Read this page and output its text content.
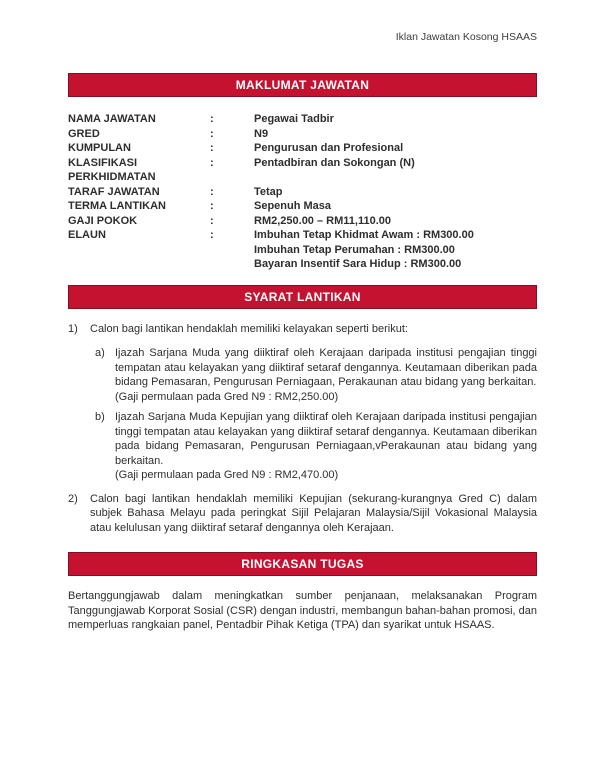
Iklan Jawatan Kosong HSAAS
MAKLUMAT JAWATAN
NAMA JAWATAN	:	Pegawai Tadbir
GRED	:	N9
KUMPULAN	:	Pengurusan dan Profesional
KLASIFIKASI
PERKHIDMATAN
:	Pentadbiran dan Sokongan (N)
TARAF JAWATAN	:	Tetap
TERMA LANTIKAN	:	Sepenuh Masa
GAJI POKOK	:	RM2,250.00 – RM11,110.00
ELAUN	:	Imbuhan Tetap Khidmat Awam : RM300.00
Imbuhan Tetap Perumahan : RM300.00
Bayaran Insentif Sara Hidup : RM300.00
SYARAT LANTIKAN
1)	Calon bagi lantikan hendaklah memiliki kelayakan seperti berikut:
a) Ijazah Sarjana Muda yang diiktiraf oleh Kerajaan daripada institusi pengajian tinggi tempatan atau kelayakan yang diiktiraf setaraf dengannya. Keutamaan diberikan pada bidang Pemasaran, Pengurusan Perniagaan, Perakaunan atau bidang yang berkaitan.

(Gaji permulaan pada Gred N9 : RM2,250.00)

b) Ijazah Sarjana Muda Kepujian yang diiktiraf oleh Kerajaan daripada institusi pengajian tinggi tempatan atau kelayakan yang diiktiraf setaraf dengannya. Keutamaan diberikan pada bidang Pemasaran, Pengurusan Perniagaan,vPerakaunan atau bidang yang berkaitan.

(Gaji permulaan pada Gred N9 : RM2,470.00)

2)	Calon bagi lantikan hendaklah memiliki Kepujian (sekurang-kurangnya Gred C) dalam subjek Bahasa Melayu pada peringkat Sijil Pelajaran Malaysia/Sijil Vokasional Malaysia atau kelulusan yang diiktiraf setaraf dengannya oleh Kerajaan.
RINGKASAN TUGAS

Bertanggungjawab dalam meningkatkan sumber penjanaan, melaksanakan Program Tanggungjawab Korporat Sosial (CSR) dengan industri, membangun bahan-bahan promosi, dan memperluas rangkaian panel, Pentadbir Pihak Ketiga (TPA) dan syarikat untuk HSAAS.
